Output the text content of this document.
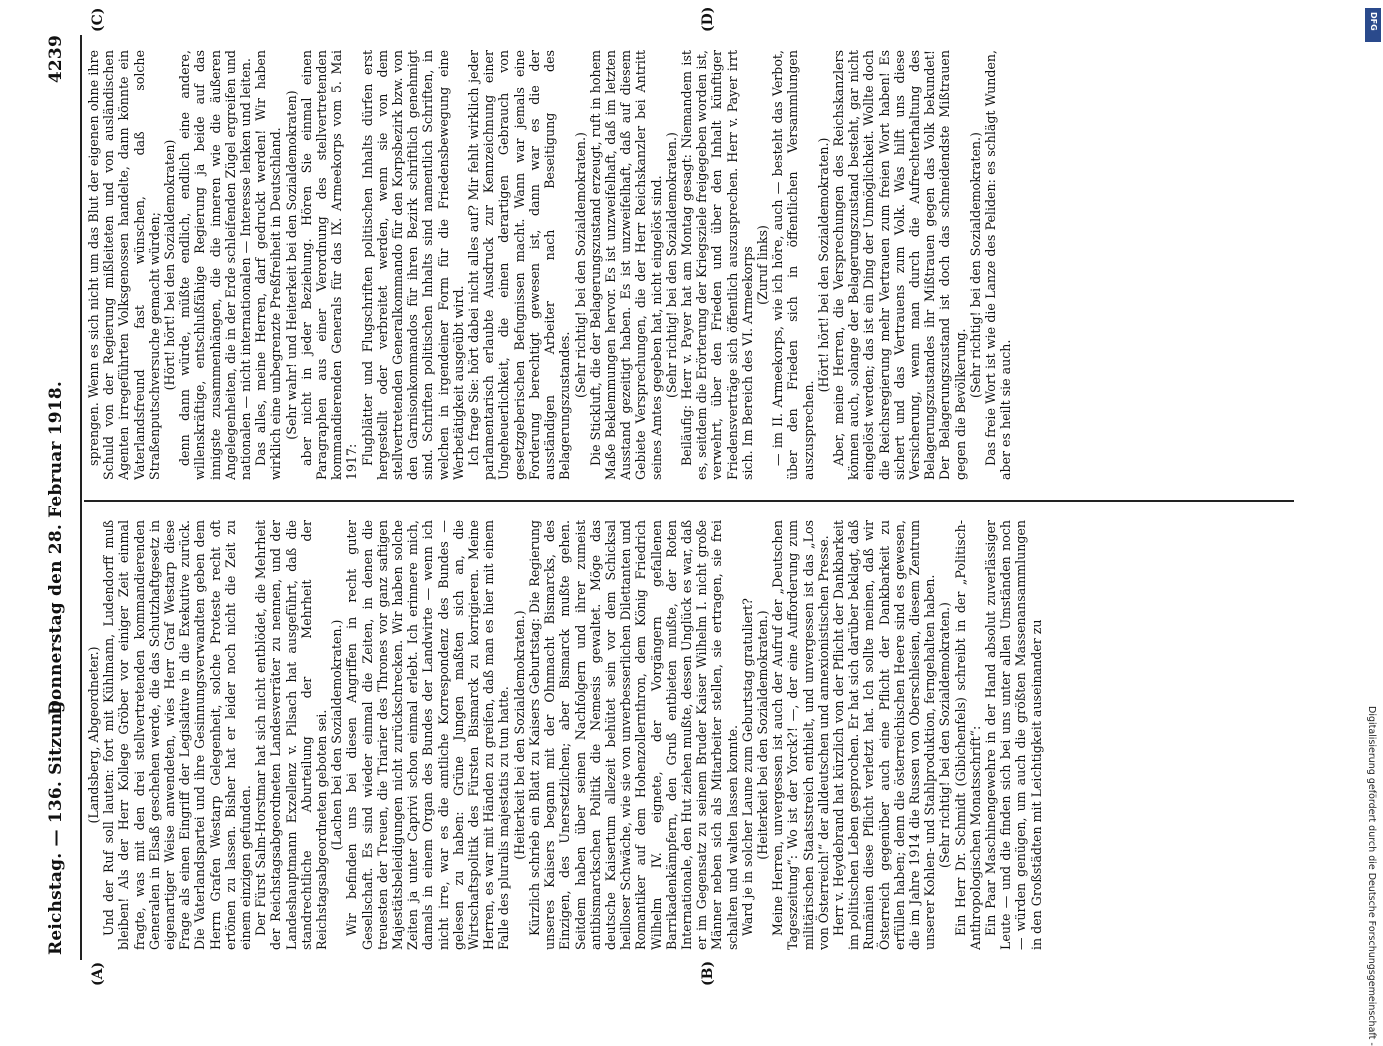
Reichstag. — 136. Sitzung.
Donnerstag den 28. Februar 1918.
4239
(A)	(B)
(C)	(D)

(Landsberg, Abgeordneter.) Und der Ruf soll lauten: fort mit Kühlmann, Ludendorff muß bleiben! Als der Herr Kollege Gröber vor einiger Zeit einmal fragte, was mit den drei stellvertretenden kommandierenden Generalen in Elsaß geschehen werde, die das Schutzhaftgesetz in eigenartiger Weise anwendeten, wies Herr Graf Westarp diese Frage als einen Eingriff der Legislative in die Exekutive zurück. Die Vaterlandspartei und ihre Gesinnungsverwandten geben dem Herrn Grafen Westarp Gelegenheit, solche Proteste recht oft ertönen zu lassen. Bisher hat er leider noch nicht die Zeit zu einem einzigen gefunden. Der Fürst Salm-Horstmar hat sich nicht entblödet, die Mehrheit der Reichstagsabgeordneten Landesverräter zu nennen, und der Landeshauptmann Exzellenz v. Pilsach hat ausgeführt, daß die standrechtliche Aburteilung der Mehrheit der Reichstagsabgeordneten geboten sei. (Lachen bei den Sozialdemokraten.) Wir befinden uns bei diesen Angriffen in recht guter Gesellschaft. Es sind wieder einmal die Zeiten, in denen die treuesten der Treuen, die Triarier des Thrones vor ganz saftigen Majestätsbeleidigungen nicht zurückschrecken. Wir haben solche Zeiten ja unter Caprivi schon einmal erlebt. Ich erinnere mich, damals in einem Organ des Bundes der Landwirte — wenn ich nicht irre, war es die amtliche Korrespondenz des Bundes — gelesen zu haben: Grüne Jungen maßten sich an, die Wirtschaftspolitik des Fürsten Bismarck zu korrigieren. Meine Herren, es war mit Händen zu greifen, daß man es hier mit einem Falle des pluralis majestatis zu tun hatte. (Heiterkeit bei den Sozialdemokraten.) Kürzlich schrieb ein Blatt zu Kaisers Geburtstag: Die Regierung unseres Kaisers begann mit der Ohnmacht Bismarcks, des Einzigen, des Unersetzlichen; aber Bismarck mußte gehen. Seitdem haben über seinen Nachfolgern und ihrer zumeist antibismarckschen Politik die Nemesis gewaltet. Möge das deutsche Kaisertum allezeit behütet sein vor dem Schicksal heilloser Schwäche, wie sie von unverbesserlichen Dilettanten und Romantiker auf dem Hohenzollernthron, dem König Friedrich Wilhelm IV. eignete, der Vorgängern gefallenen Barrikadenkämpfern, den Gruß entbieten mußte, der Roten Internationale, den Hut ziehen mußte, dessen Unglück es war, daß er im Gegensatz zu seinem Bruder Kaiser Wilhelm I. nicht große Männer neben sich als Mitarbeiter stellen, sie ertragen, sie frei schalten und walten lassen konnte. Ward je in solcher Laune zum Geburtstag gratuliert? (Heiterkeit bei den Sozialdemokraten.) Meine Herren, unvergessen ist auch der Aufruf der „Deutschen Tageszeitung“: Wo ist der Yorck?! —, der eine Aufforderung zum militärischen Staatsstreich enthielt, und unvergessen ist das „Los von Österreich!“ der alldeutschen und annexionistischen Presse. Herr v. Heydebrand hat kürzlich von der Pflicht der Dankbarkeit im politischen Leben gesprochen. Er hat sich darüber beklagt, daß Rumänien diese Pflicht verletzt hat. Ich sollte meinen, daß wir Österreich gegenüber auch eine Pflicht der Dankbarkeit zu erfüllen haben; denn die österreichischen Heere sind es gewesen, die im Jahre 1914 die Russen von Oberschlesien, diesem Zentrum unserer Kohlen- und Stahlproduktion, ferngehalten haben. (Sehr richtig! bei den Sozialdemokraten.) Ein Herr Dr. Schmidt (Gibichenfels) schreibt in der „Politisch-Anthropologischen Monatsschrift“: Ein Paar Maschinengewehre in der Hand absolut zuverlässiger Leute — und die finden sich bei uns unter allen Umständen noch — würden genügen, um auch die größten Massenansammlungen in den Großstädten mit Leichtigkeit auseinander zu

sprengen. Wenn es sich nicht um das Blut der eigenen ohne ihre Schuld von der Regierung mißleiteten und von ausländischen Agenten irregeführten Volksgenossen handelte, dann könnte ein Vaterlandsfreund fast wünschen, daß solche Straßenputschversuche gemacht würden; (Hört! hört! bei den Sozialdemokraten) denn dann würde, müßte endlich, endlich eine andere, willenskräftige, entschlußfähige Regierung ja beide auf das innigste zusammenhängen, die die inneren wie die äußeren Angelegenheiten, die in der Erde schleifenden Zügel ergreifen und nationalen — nicht internationalen — Interesse lenken und leiten. Das alles, meine Herren, darf gedruckt werden! Wir haben wirklich eine unbegrenzte Preßfreiheit in Deutschland. (Sehr wahr! und Heiterkeit bei den Sozialdemokraten) aber nicht in jeder Beziehung. Hören Sie einmal einen Paragraphen aus einer Verordnung des stellvertretenden kommandierenden Generals für das IX. Armeekorps vom 5. Mai 1917: Flugblätter und Flugschriften politischen Inhalts dürfen erst hergestellt oder verbreitet werden, wenn sie von dem stellvertretenden Generalkommando für den Korpsbezirk bzw. von den Garnisonkommandos für ihren Bezirk schriftlich genehmigt sind. Schriften politischen Inhalts sind namentlich Schriften, in welchen in irgendeiner Form für die Friedensbewegung eine Werbetätigkeit ausgeübt wird. Ich frage Sie: hört dabei nicht alles auf? Mir fehlt wirklich jeder parlamentarisch erlaubte Ausdruck zur Kennzeichnung einer Ungeheuerlichkeit, die einen derartigen Gebrauch von gesetzgeberischen Befugnissen macht. Wann war jemals eine Forderung berechtigt gewesen ist, dann war es die der ausständigen Arbeiter nach Beseitigung des Belagerungszustandes.

(Sehr richtig! bei den Sozialdemokraten.) Die Stickluft, die der Belagerungszustand erzeugt, ruft in hohem Maße Beklemmungen hervor. Es ist unzweifelhaft, daß im letzten Ausstand gezeitigt haben. Es ist unzweifelhaft, daß auf diesem Gebiete Versprechungen, die der Herr Reichskanzler bei Antritt seines Amtes gegeben hat, nicht eingelöst sind. (Sehr richtig! bei den Sozialdemokraten.) Beiläufig: Herr v. Payer hat am Montag gesagt: Niemandem ist es, seitdem die Erörterung der Kriegsziele freigegeben worden ist, verwehrt, über den Frieden und über den Inhalt künftiger Friedensverträge sich öffentlich auszusprechen. Herr v. Payer irrt sich. Im Bereich des VI. Armeekorps (Zuruf links) — im II. Armeekorps, wie ich höre, auch — besteht das Verbot, über den Frieden sich in öffentlichen Versammlungen auszusprechen.

(Hört! hört! bei den Sozialdemokraten.) Aber, meine Herren, die Versprechungen des Reichskanzlers können auch, solange der Belagerungszustand besteht, gar nicht eingelöst werden; das ist ein Ding der Unmöglichkeit. Wollte doch die Reichsregierung mehr Vertrauen zum freien Wort haben! Es sichert und das Vertrauens zum Volk. Was hilft uns diese Versicherung, wenn man durch die Aufrechterhaltung des Belagerungszustandes ihr Mißtrauen gegen das Volk bekundet! Der Belagerungszustand ist doch das schneidendste Mißtrauen gegen die Bevölkerung.

(Sehr richtig! bei den Sozialdemokraten.) Das freie Wort ist wie die Lanze des Peliden: es schlägt Wunden, aber es heilt sie auch.

Digitalisierung gefördert durch die Deutsche Forschungsgemeinschaft -
DFG
